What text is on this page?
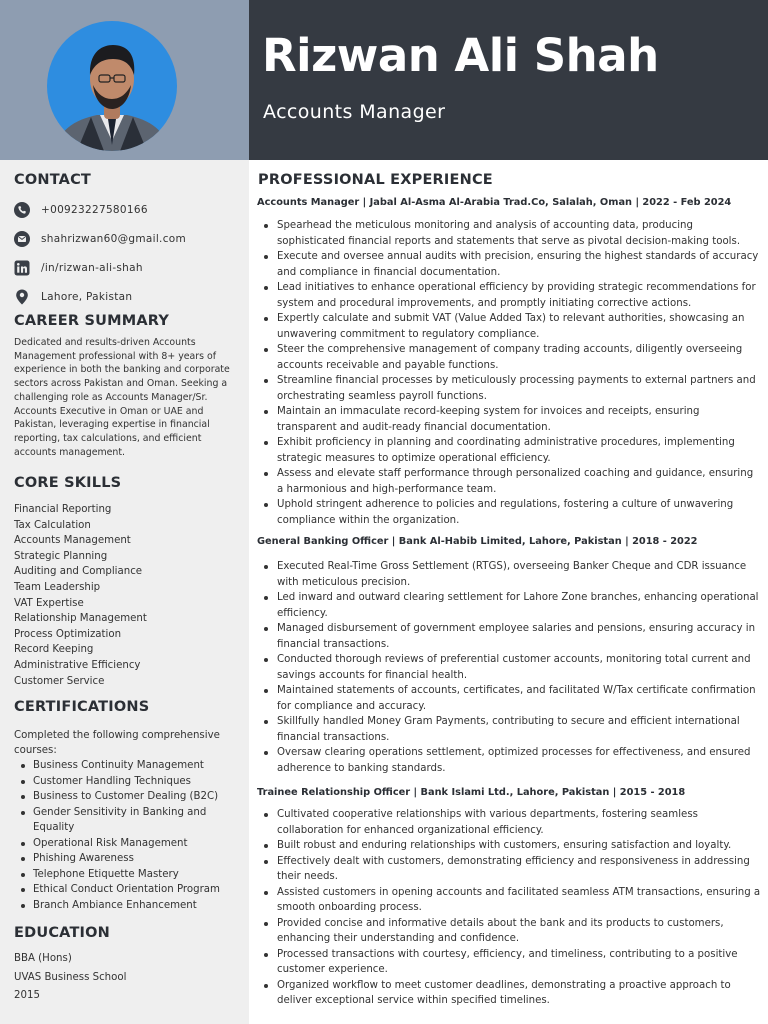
Rizwan Ali Shah
Accounts Manager
CONTACT
+00923227580166
shahrizwan60@gmail.com
/in/rizwan-ali-shah
Lahore, Pakistan
CAREER SUMMARY
Dedicated and results-driven Accounts Management professional with 8+ years of experience in both the banking and corporate sectors across Pakistan and Oman. Seeking a challenging role as Accounts Manager/Sr. Accounts Executive in Oman or UAE and Pakistan, leveraging expertise in financial reporting, tax calculations, and efficient accounts management.
CORE SKILLS
Financial Reporting
Tax Calculation
Accounts Management
Strategic Planning
Auditing and Compliance
Team Leadership
VAT Expertise
Relationship Management
Process Optimization
Record Keeping
Administrative Efficiency
Customer Service
CERTIFICATIONS
Completed the following comprehensive courses:
Business Continuity Management
Customer Handling Techniques
Business to Customer Dealing (B2C)
Gender Sensitivity in Banking and Equality
Operational Risk Management
Phishing Awareness
Telephone Etiquette Mastery
Ethical Conduct Orientation Program
Branch Ambiance Enhancement
EDUCATION
BBA (Hons)
UVAS Business School
2015
PROFESSIONAL EXPERIENCE
Accounts Manager | Jabal Al-Asma Al-Arabia Trad.Co, Salalah, Oman | 2022 - Feb 2024
Spearhead the meticulous monitoring and analysis of accounting data, producing sophisticated financial reports and statements that serve as pivotal decision-making tools.
Execute and oversee annual audits with precision, ensuring the highest standards of accuracy and compliance in financial documentation.
Lead initiatives to enhance operational efficiency by providing strategic recommendations for system and procedural improvements, and promptly initiating corrective actions.
Expertly calculate and submit VAT (Value Added Tax) to relevant authorities, showcasing an unwavering commitment to regulatory compliance.
Steer the comprehensive management of company trading accounts, diligently overseeing accounts receivable and payable functions.
Streamline financial processes by meticulously processing payments to external partners and orchestrating seamless payroll functions.
Maintain an immaculate record-keeping system for invoices and receipts, ensuring transparent and audit-ready financial documentation.
Exhibit proficiency in planning and coordinating administrative procedures, implementing strategic measures to optimize operational efficiency.
Assess and elevate staff performance through personalized coaching and guidance, ensuring a harmonious and high-performance team.
Uphold stringent adherence to policies and regulations, fostering a culture of unwavering compliance within the organization.
General Banking Officer | Bank Al-Habib Limited, Lahore, Pakistan | 2018 - 2022
Executed Real-Time Gross Settlement (RTGS), overseeing Banker Cheque and CDR issuance with meticulous precision.
Led inward and outward clearing settlement for Lahore Zone branches, enhancing operational efficiency.
Managed disbursement of government employee salaries and pensions, ensuring accuracy in financial transactions.
Conducted thorough reviews of preferential customer accounts, monitoring total current and savings accounts for financial health.
Maintained statements of accounts, certificates, and facilitated W/Tax certificate confirmation for compliance and accuracy.
Skillfully handled Money Gram Payments, contributing to secure and efficient international financial transactions.
Oversaw clearing operations settlement, optimized processes for effectiveness, and ensured adherence to banking standards.
Trainee Relationship Officer | Bank Islami Ltd., Lahore, Pakistan | 2015 - 2018
Cultivated cooperative relationships with various departments, fostering seamless collaboration for enhanced organizational efficiency.
Built robust and enduring relationships with customers, ensuring satisfaction and loyalty.
Effectively dealt with customers, demonstrating efficiency and responsiveness in addressing their needs.
Assisted customers in opening accounts and facilitated seamless ATM transactions, ensuring a smooth onboarding process.
Provided concise and informative details about the bank and its products to customers, enhancing their understanding and confidence.
Processed transactions with courtesy, efficiency, and timeliness, contributing to a positive customer experience.
Organized workflow to meet customer deadlines, demonstrating a proactive approach to deliver exceptional service within specified timelines.
